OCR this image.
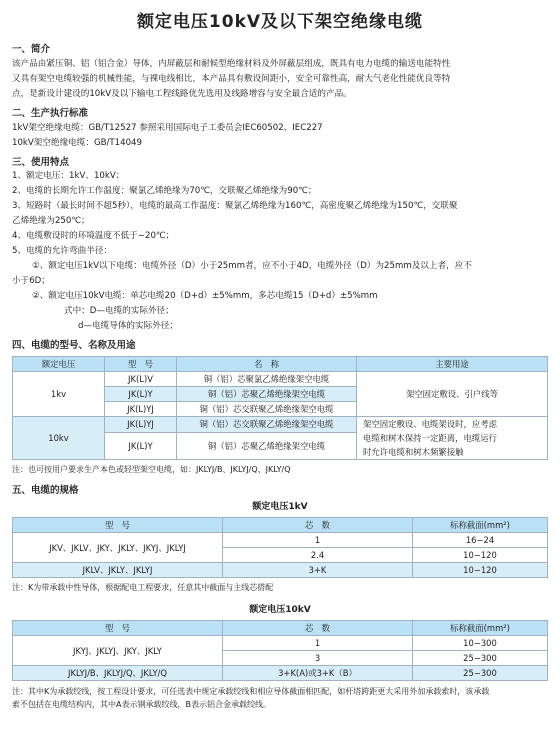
额定电压10kV及以下架空绝缘电缆
一、简介
该产品由紧压铜、铝（铝合金）导体，内屏蔽层和耐候型绝缘材料及外屏蔽层组成，既具有电力电缆的输送电能特性
又具有架空电缆较强的机械性能，与裸电线相比，本产品具有敷设间距小，安全可靠性高，耐大气老化性能优良等特
点，是新设计建设的10kV及以下输电工程线路优先选用及线路增容与安全最合适的产品。
二、生产执行标准
1kV架空绝缘电缆：GB/T12527 参照采用国际电子工委员会IEC60502、IEC227
10kV架空绝缘电缆：GB/T14049
三、使用特点
1、额定电压：1kV、10kV；
2、电缆的长期允许工作温度：聚氯乙烯绝缘为70℃，交联聚乙烯绝缘为90℃；
3、短路时（最长时间不超5秒），电缆的最高工作温度：聚氯乙烯绝缘为160℃，高密度聚乙烯绝缘为150℃，交联聚
乙烯绝缘为250℃；
4、电缆敷设时的环境温度不低于−20℃；
5、电缆的允许弯曲半径：
①、额定电压1kV以下电缆：电缆外径（D）小于25mm者，应不小于4D，电缆外径（D）为25mm及以上者，应不
小于6D；
②、额定电压10kV电缆：单芯电缆20（D+d）±5%mm，多芯电缆15（D+d）±5%mm
式中：D—电缆的实际外径；
d—电缆导体的实际外径；
四、电缆的型号、名称及用途
额定电压	型　号	名　称	主要用途
1kv	JK(L)V	铜（铝）芯聚氯乙烯绝缘架空电缆	架空固定敷设、引户线等
	JK(L)Y	铜（铝）芯聚乙烯绝缘架空电缆	
	JK(L)YJ	铜（铝）芯交联聚乙烯绝缘架空电缆	
10kv	JK(L)YJ	铜（铝）芯交联聚乙烯绝缘架空电缆	架空固定敷设、电缆架设时，应考虑
电缆和树木保持一定距离，电缆运行
时允许电缆和树木频繁接触

	JK(L)Y	铜（铝）芯聚乙烯绝缘架空电缆	
注：也可按用户要求生产本色或轻型架空电缆，如：JKLYJ/B、JKLYJ/Q、JKLY/Q
五、电缆的规格
额定电压1kV
型　号	芯　数	标称截面(mm²)
JKV、JKLV、JKY、JKLY、JKYJ、JKLYJ	1	16−24
	2.4	10−120
JKLV、JKLY、JKLYJ	3+K	10−120
注：K为带承载中性导体，根据配电工程要求，任意其中截面与主线芯搭配
额定电压10kV
型　号	芯　数	标称截面(mm²)
JKYJ、JKLYJ、JKY、JKLY	1	10−300
	3	25−300
JKLYJ/B、JKLYJ/Q、JKLY/Q	3+K(A)或3+K（B）	25−300
注：其中K为承载绞线，按工程设计要求，可任选表中规定承载绞线和相应导体截面相匹配，如杆塔跨距更大采用外加承载索时，该承载
索不包括在电缆结构内，其中A表示钢承载绞线，B表示铝合金承载绞线。
